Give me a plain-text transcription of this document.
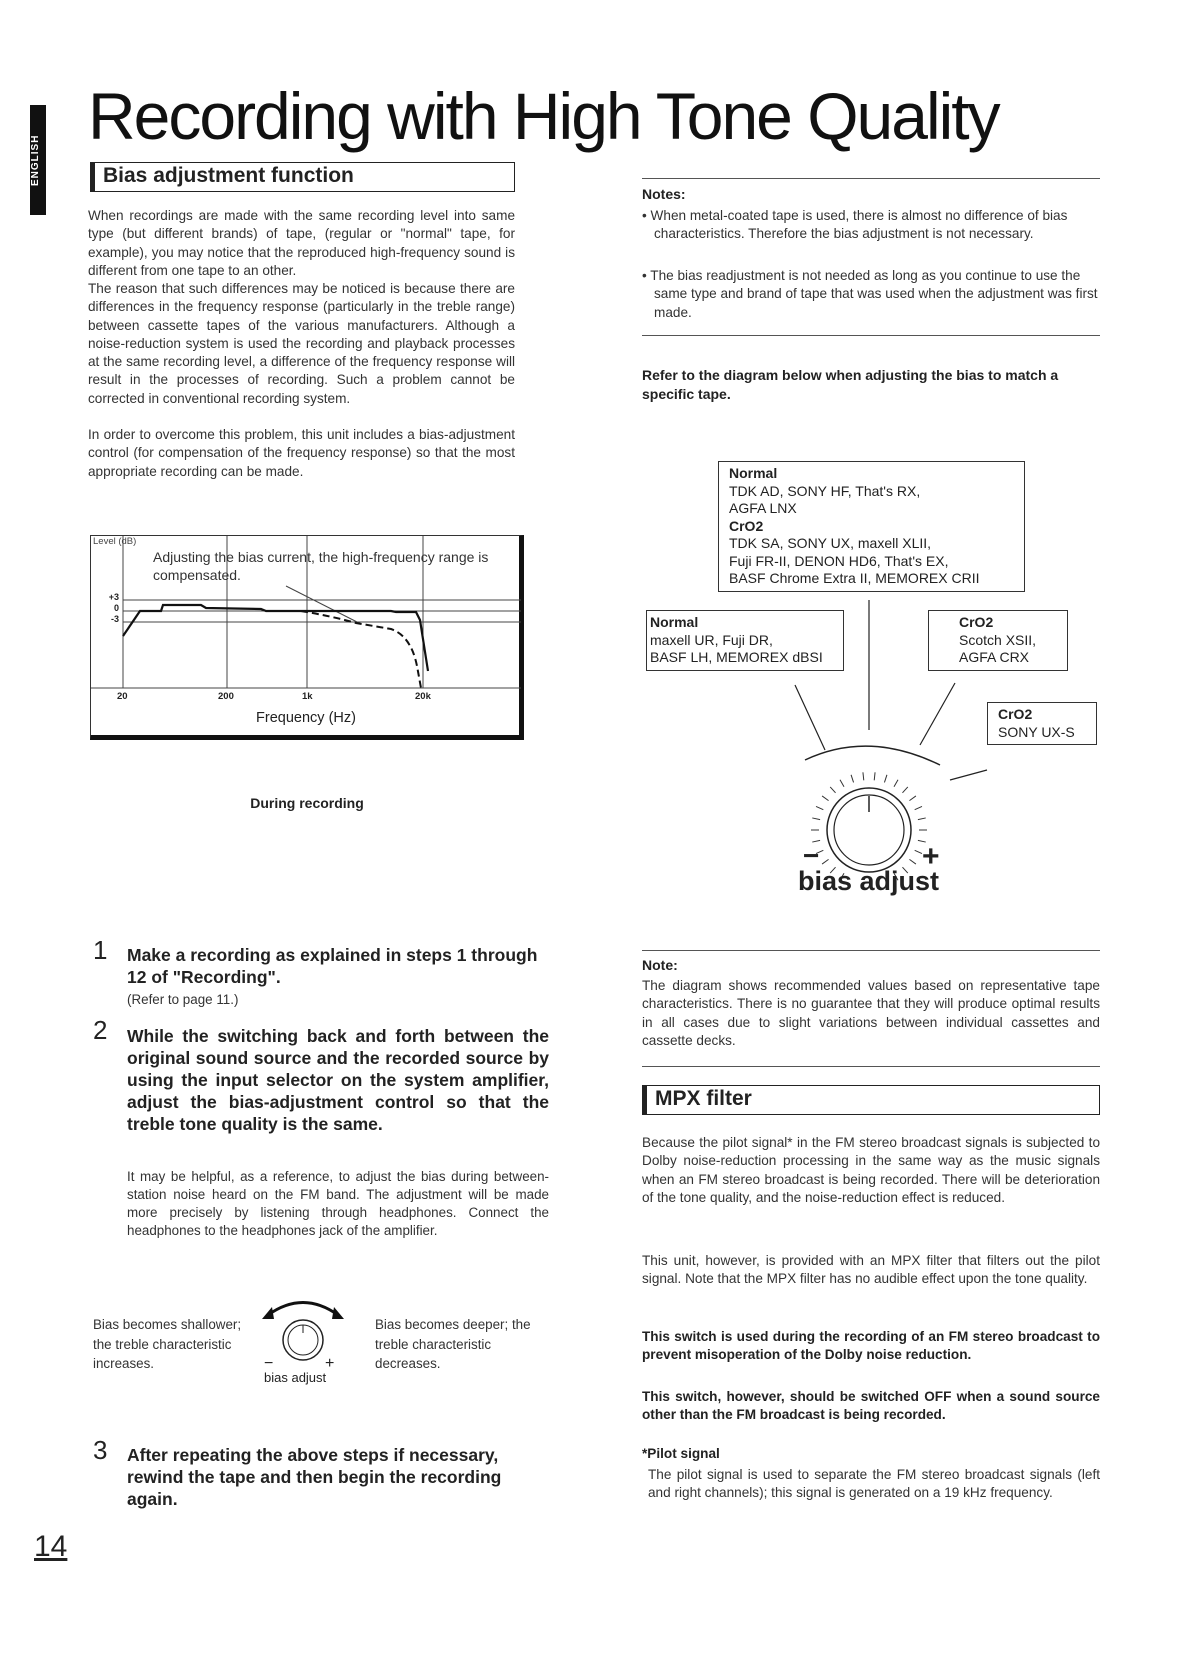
ENGLISH
Recording with High Tone Quality
Bias adjustment function

When recordings are made with the same recording level into same type (but different brands) of tape, (regular or "normal" tape, for example), you may notice that the reproduced high-frequency sound is different from one tape to an other.

The reason that such differences may be noticed is because there are differences in the frequency response (particularly in the treble range) between cassette tapes of the various manufacturers. Although a noise-reduction system is used the recording and playback processes at the same recording level, a difference of the frequency response will result in the processes of recording. Such a problem cannot be corrected in conventional recording system.

In order to overcome this problem, this unit includes a bias-adjustment control (for compensation of the frequency response) so that the most appropriate recording can be made.

Level (dB)
+3
0
-3
Adjusting the bias current, the high-frequency range is compensated.
20	200	1k	20k
Frequency (Hz)
During recording
1 Make a recording as explained in steps 1 through 12 of "Recording".
(Refer to page 11.)
2 While the switching back and forth between the original sound source and the recorded source by using the input selector on the system amplifier, adjust the bias-adjustment control so that the treble tone quality is the same.
It may be helpful, as a reference, to adjust the bias during between-station noise heard on the FM band. The adjustment will be made more precisely by listening through headphones. Connect the headphones to the headphones jack of the amplifier.
Bias becomes shallower; the treble characteristic increases.	−	+
bias adjust
Bias becomes deeper; the treble characteristic decreases.
3 After repeating the above steps if necessary, rewind the tape and then begin the recording again.
14
Notes:
• When metal-coated tape is used, there is almost no difference of bias characteristics. Therefore the bias adjustment is not necessary.
• The bias readjustment is not needed as long as you continue to use the same type and brand of tape that was used when the adjustment was first made.
Refer to the diagram below when adjusting the bias to match a specific tape.
Normal
TDK AD, SONY HF, That's RX,
AGFA LNX
CrO2
TDK SA, SONY UX, maxell XLII,
Fuji FR-II, DENON HD6, That's EX,
BASF Chrome Extra II, MEMOREX CRII
Normal
maxell UR, Fuji DR,
BASF LH, MEMOREX dBSI
CrO2
Scotch XSII,
AGFA CRX
CrO2
SONY UX-S
−	+
bias adjust
Note:

The diagram shows recommended values based on representative tape characteristics. There is no guarantee that they will produce optimal results in all cases due to slight variations between individual cassettes and cassette decks.

MPX filter

Because the pilot signal* in the FM stereo broadcast signals is subjected to Dolby noise-reduction processing in the same way as the music signals when an FM stereo broadcast is being recorded. There will be deterioration of the tone quality, and the noise-reduction effect is reduced.

This unit, however, is provided with an MPX filter that filters out the pilot signal. Note that the MPX filter has no audible effect upon the tone quality.

This switch is used during the recording of an FM stereo broadcast to prevent misoperation of the Dolby noise reduction.

This switch, however, should be switched OFF when a sound source other than the FM broadcast is being recorded.

*Pilot signal

The pilot signal is used to separate the FM stereo broadcast signals (left and right channels); this signal is generated on a 19 kHz frequency.
